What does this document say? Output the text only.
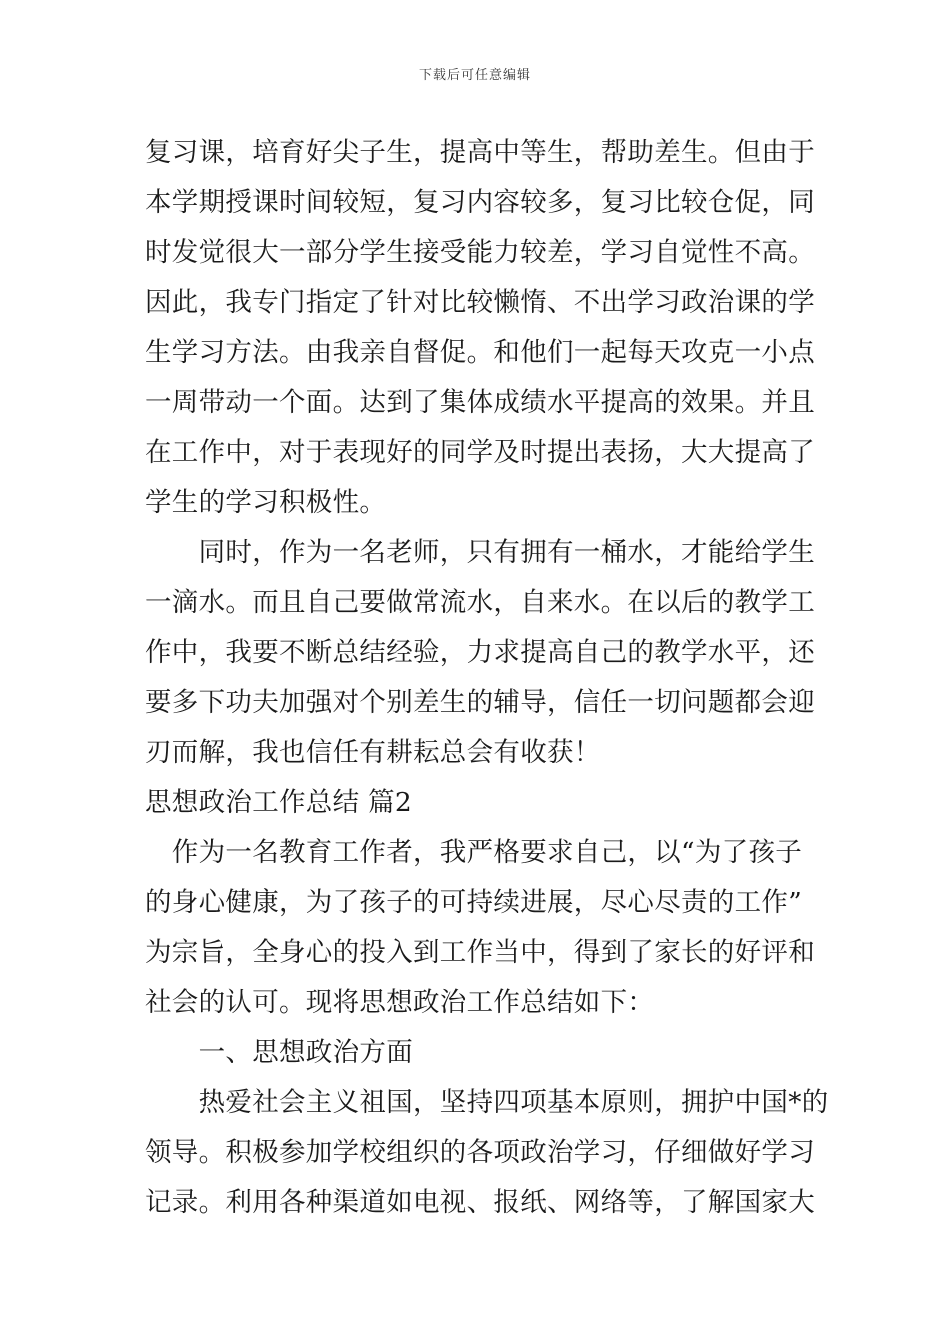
下载后可任意编辑
复习课，培育好尖子生，提高中等生，帮助差生。但由于
本学期授课时间较短，复习内容较多，复习比较仓促，同
时发觉很大一部分学生接受能力较差，学习自觉性不高。
因此，我专门指定了针对比较懒惰、不出学习政治课的学
生学习方法。由我亲自督促。和他们一起每天攻克一小点
一周带动一个面。达到了集体成绩水平提高的效果。并且
在工作中，对于表现好的同学及时提出表扬，大大提高了
学生的学习积极性。
　　同时，作为一名老师，只有拥有一桶水，才能给学生
一滴水。而且自己要做常流水，自来水。在以后的教学工
作中，我要不断总结经验，力求提高自己的教学水平，还
要多下功夫加强对个别差生的辅导，信任一切问题都会迎
刃而解，我也信任有耕耘总会有收获！
思想政治工作总结 篇2
　作为一名教育工作者，我严格要求自己，以“为了孩子
的身心健康，为了孩子的可持续进展，尽心尽责的工作”
为宗旨，全身心的投入到工作当中，得到了家长的好评和
社会的认可。现将思想政治工作总结如下：
　　一、思想政治方面
　　热爱社会主义祖国，坚持四项基本原则，拥护中国*的
领导。积极参加学校组织的各项政治学习，仔细做好学习
记录。利用各种渠道如电视、报纸、网络等，了解国家大
